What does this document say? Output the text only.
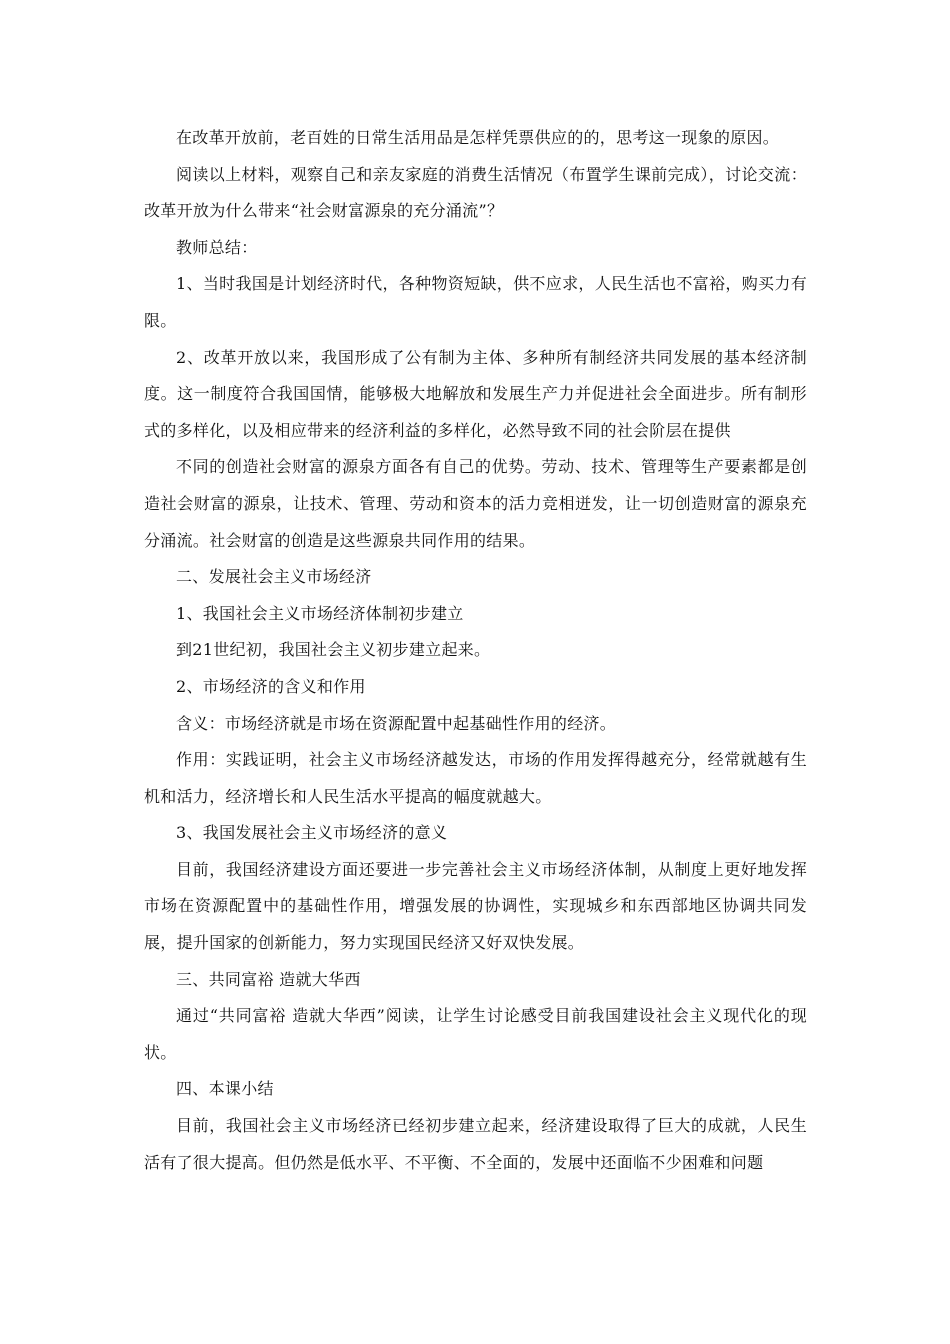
在改革开放前，老百姓的日常生活用品是怎样凭票供应的的，思考这一现象的原因。

阅读以上材料，观察自己和亲友家庭的消费生活情况（布置学生课前完成），讨论交流：改革开放为什么带来“社会财富源泉的充分涌流”？

教师总结：

1、当时我国是计划经济时代，各种物资短缺，供不应求，人民生活也不富裕，购买力有限。

2、改革开放以来，我国形成了公有制为主体、多种所有制经济共同发展的基本经济制度。这一制度符合我国国情，能够极大地解放和发展生产力并促进社会全面进步。所有制形式的多样化，以及相应带来的经济利益的多样化，必然导致不同的社会阶层在提供

不同的创造社会财富的源泉方面各有自己的优势。劳动、技术、管理等生产要素都是创造社会财富的源泉，让技术、管理、劳动和资本的活力竞相迸发，让一切创造财富的源泉充分涌流。社会财富的创造是这些源泉共同作用的结果。

二、发展社会主义市场经济

1、我国社会主义市场经济体制初步建立

到21世纪初，我国社会主义初步建立起来。

2、市场经济的含义和作用

含义：市场经济就是市场在资源配置中起基础性作用的经济。

作用：实践证明，社会主义市场经济越发达，市场的作用发挥得越充分，经常就越有生机和活力，经济增长和人民生活水平提高的幅度就越大。

3、我国发展社会主义市场经济的意义

目前，我国经济建设方面还要进一步完善社会主义市场经济体制，从制度上更好地发挥市场在资源配置中的基础性作用，增强发展的协调性，实现城乡和东西部地区协调共同发展，提升国家的创新能力，努力实现国民经济又好双快发展。

三、共同富裕 造就大华西

通过“共同富裕 造就大华西”阅读，让学生讨论感受目前我国建设社会主义现代化的现状。

四、本课小结

目前，我国社会主义市场经济已经初步建立起来，经济建设取得了巨大的成就，人民生活有了很大提高。但仍然是低水平、不平衡、不全面的，发展中还面临不少困难和问题
